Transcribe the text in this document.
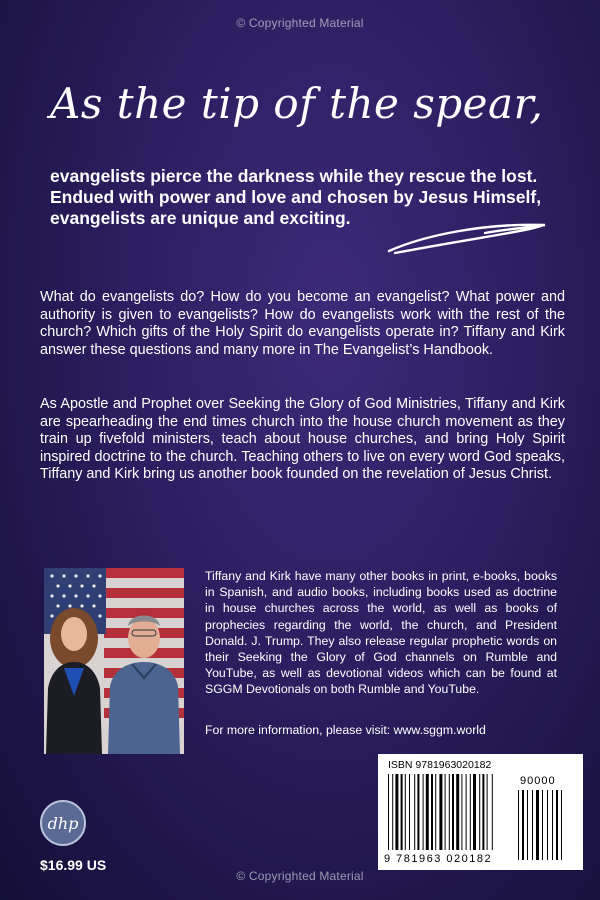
© Copyrighted Material
As the tip of the spear,
evangelists pierce the darkness while they rescue the lost.
Endued with power and love and chosen by Jesus Himself,
evangelists are unique and exciting.
What do evangelists do? How do you become an evangelist? What power and authority is given to evangelists? How do evangelists work with the rest of the church? Which gifts of the Holy Spirit do evangelists operate in? Tiffany and Kirk answer these questions and many more in The Evangelist’s Handbook.
As Apostle and Prophet over Seeking the Glory of God Ministries, Tiffany and Kirk are spearheading the end times church into the house church movement as they train up fivefold ministers, teach about house churches, and bring Holy Spirit inspired doctrine to the church. Teaching others to live on every word God speaks, Tiffany and Kirk bring us another book founded on the revelation of Jesus Christ.
Tiffany and Kirk have many other books in print, e-books, books in Spanish, and audio books, including books used as doctrine in house churches across the world, as well as books of prophecies regarding the world, the church, and President Donald. J. Trump. They also release regular prophetic words on their Seeking the Glory of God channels on Rumble and YouTube, as well as devotional videos which can be found at SGGM Devotionals on both Rumble and YouTube.
For more information, please visit: www.sggm.world
dhp
$16.99 US
ISBN 9781963020182
90000
9 781963 020182
© Copyrighted Material
